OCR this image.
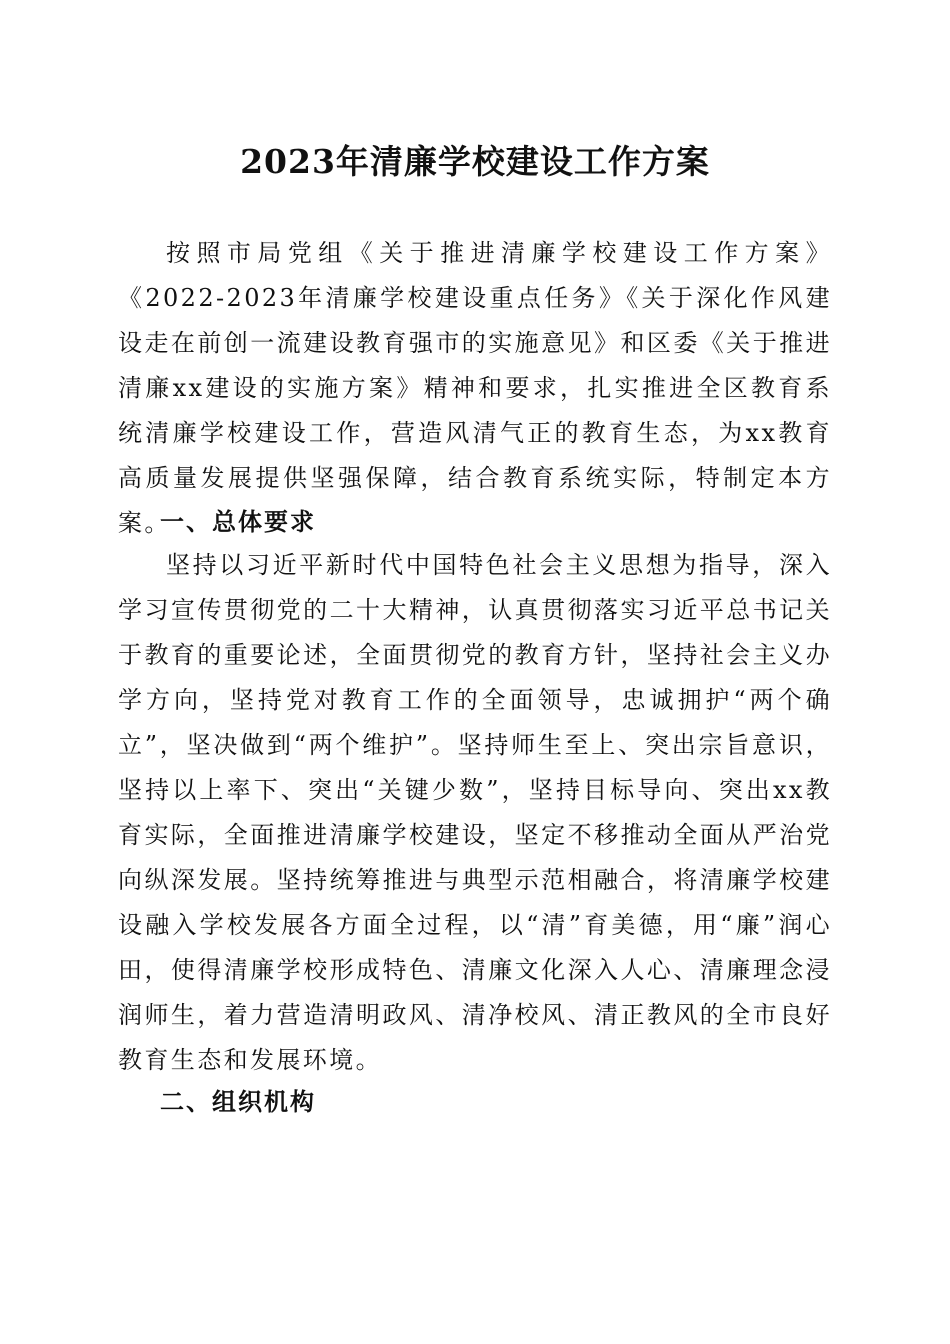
2023年清廉学校建设工作方案

按照市局党组《关于推进清廉学校建设工作方案》《2022-2023年清廉学校建设重点任务》《关于深化作风建设走在前创一流建设教育强市的实施意见》和区委《关于推进清廉xx建设的实施方案》精神和要求，扎实推进全区教育系统清廉学校建设工作，营造风清气正的教育生态，为xx教育高质量发展提供坚强保障，结合教育系统实际，特制定本方案。

一、总体要求

坚持以习近平新时代中国特色社会主义思想为指导，深入学习宣传贯彻党的二十大精神，认真贯彻落实习近平总书记关于教育的重要论述，全面贯彻党的教育方针，坚持社会主义办学方向，坚持党对教育工作的全面领导，忠诚拥护“两个确立”，坚决做到“两个维护”。坚持师生至上、突出宗旨意识，坚持以上率下、突出“关键少数”，坚持目标导向、突出xx教育实际，全面推进清廉学校建设，坚定不移推动全面从严治党向纵深发展。坚持统筹推进与典型示范相融合，将清廉学校建设融入学校发展各方面全过程，以“清”育美德，用“廉”润心田，使得清廉学校形成特色、清廉文化深入人心、清廉理念浸润师生，着力营造清明政风、清净校风、清正教风的全市良好教育生态和发展环境。

二、组织机构
